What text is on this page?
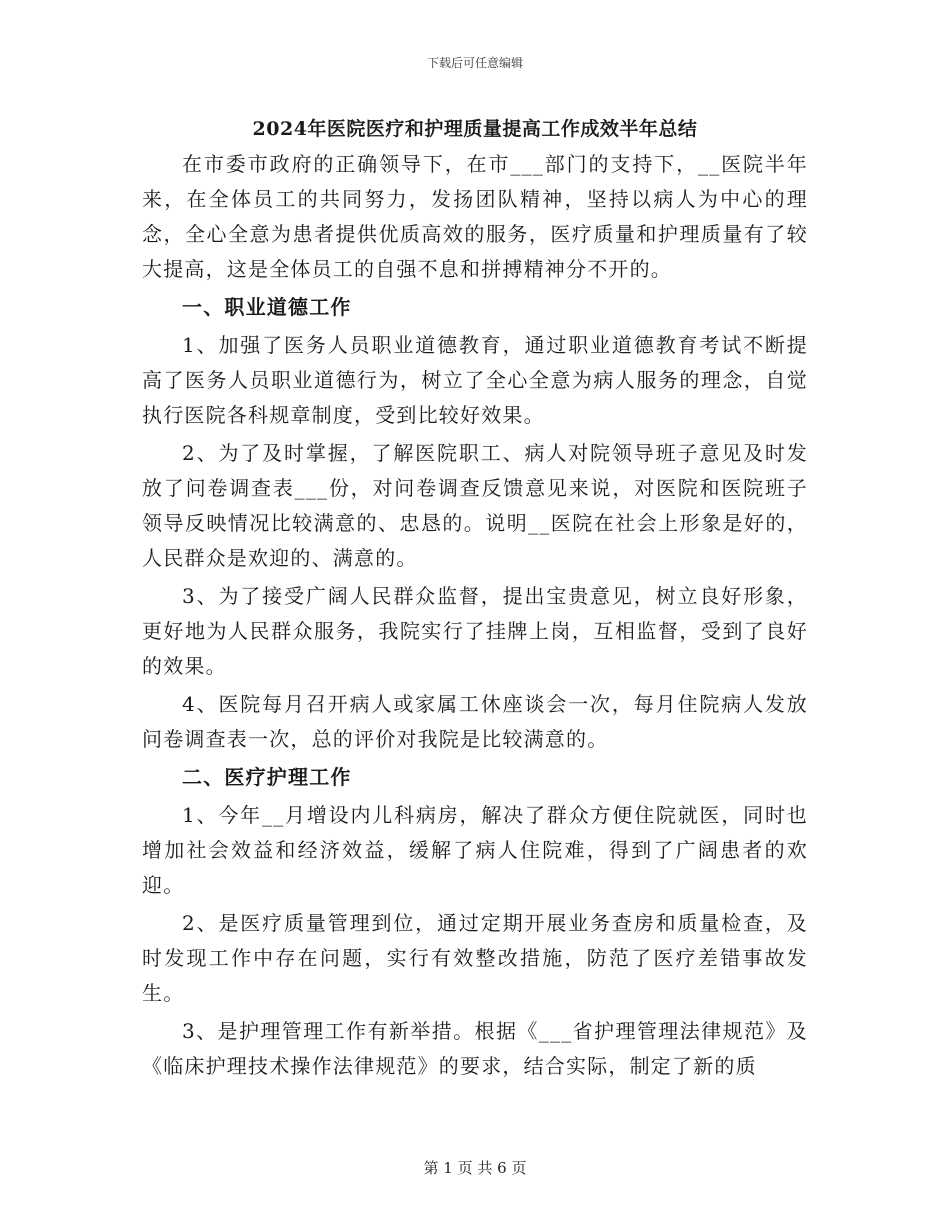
下载后可任意编辑
2024年医院医疗和护理质量提高工作成效半年总结

在市委市政府的正确领导下，在市___部门的支持下，__医院半年来，在全体员工的共同努力，发扬团队精神，坚持以病人为中心的理念，全心全意为患者提供优质高效的服务，医疗质量和护理质量有了较大提高，这是全体员工的自强不息和拼搏精神分不开的。

一、职业道德工作

1、加强了医务人员职业道德教育，通过职业道德教育考试不断提高了医务人员职业道德行为，树立了全心全意为病人服务的理念，自觉执行医院各科规章制度，受到比较好效果。

2、为了及时掌握，了解医院职工、病人对院领导班子意见及时发放了问卷调查表___份，对问卷调查反馈意见来说，对医院和医院班子领导反映情况比较满意的、忠恳的。说明__医院在社会上形象是好的，人民群众是欢迎的、满意的。

3、为了接受广阔人民群众监督，提出宝贵意见，树立良好形象，更好地为人民群众服务，我院实行了挂牌上岗，互相监督，受到了良好的效果。

4、医院每月召开病人或家属工休座谈会一次，每月住院病人发放问卷调查表一次，总的评价对我院是比较满意的。

二、医疗护理工作

1、今年__月增设内儿科病房，解决了群众方便住院就医，同时也增加社会效益和经济效益，缓解了病人住院难，得到了广阔患者的欢迎。

2、是医疗质量管理到位，通过定期开展业务查房和质量检查，及时发现工作中存在问题，实行有效整改措施，防范了医疗差错事故发生。

3、是护理管理工作有新举措。根据《___省护理管理法律规范》及《临床护理技术操作法律规范》的要求，结合实际，制定了新的质

第 1 页 共 6 页
